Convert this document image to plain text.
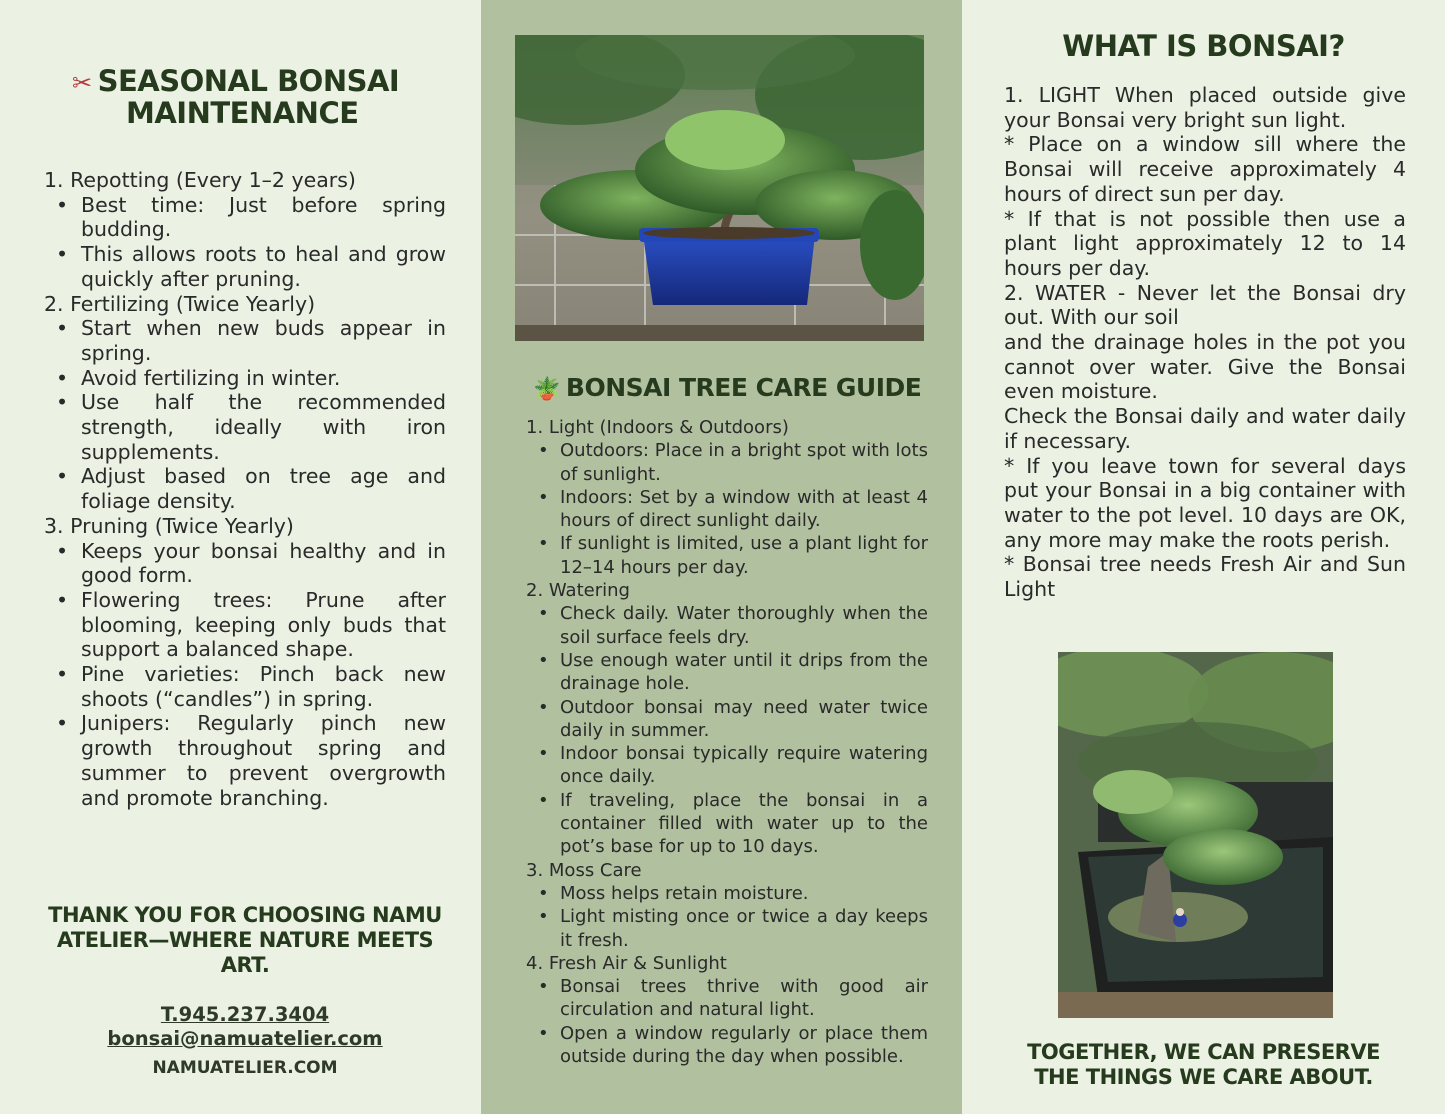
✂ SEASONAL BONSAI
MAINTENANCE
1. Repotting (Every 1–2 years)
• Best time: Just before spring budding.
• This allows roots to heal and grow quickly after pruning.
2. Fertilizing (Twice Yearly)
• Start when new buds appear in spring.
• Avoid fertilizing in winter.
• Use half the recommended strength, ideally with iron supplements.
• Adjust based on tree age and foliage density.
3. Pruning (Twice Yearly)
• Keeps your bonsai healthy and in good form.
• Flowering trees: Prune after blooming, keeping only buds that support a balanced shape.
• Pine varieties: Pinch back new shoots (“candles”) in spring.
• Junipers: Regularly pinch new growth throughout spring and summer to prevent overgrowth and promote branching.
THANK YOU FOR CHOOSING NAMU ATELIER—WHERE NATURE MEETS ART.
T.945.237.3404
bonsai@namuatelier.com
NAMUATELIER.COM
🪴 BONSAI TREE CARE GUIDE
1. Light (Indoors & Outdoors)
• Outdoors: Place in a bright spot with lots of sunlight.
• Indoors: Set by a window with at least 4 hours of direct sunlight daily.
• If sunlight is limited, use a plant light for 12–14 hours per day.
2. Watering
• Check daily. Water thoroughly when the soil surface feels dry.
• Use enough water until it drips from the drainage hole.
• Outdoor bonsai may need water twice daily in summer.
• Indoor bonsai typically require watering once daily.
• If traveling, place the bonsai in a container filled with water up to the pot’s base for up to 10 days.
3. Moss Care
• Moss helps retain moisture.
• Light misting once or twice a day keeps it fresh.
4. Fresh Air & Sunlight
• Bonsai trees thrive with good air circulation and natural light.
• Open a window regularly or place them outside during the day when possible.
WHAT IS BONSAI?

1. LIGHT When placed outside give your Bonsai very bright sun light.

* Place on a window sill where the Bonsai will receive approximately 4 hours of direct sun per day.

* If that is not possible then use a plant light approximately 12 to 14 hours per day.

2. WATER - Never let the Bonsai dry out. With our soil

and the drainage holes in the pot you cannot over water. Give the Bonsai even moisture.

Check the Bonsai daily and water daily if necessary.

* If you leave town for several days put your Bonsai in a big container with water to the pot level. 10 days are OK, any more may make the roots perish.

* Bonsai tree needs Fresh Air and Sun Light

TOGETHER, WE CAN PRESERVE THE THINGS WE CARE ABOUT.
